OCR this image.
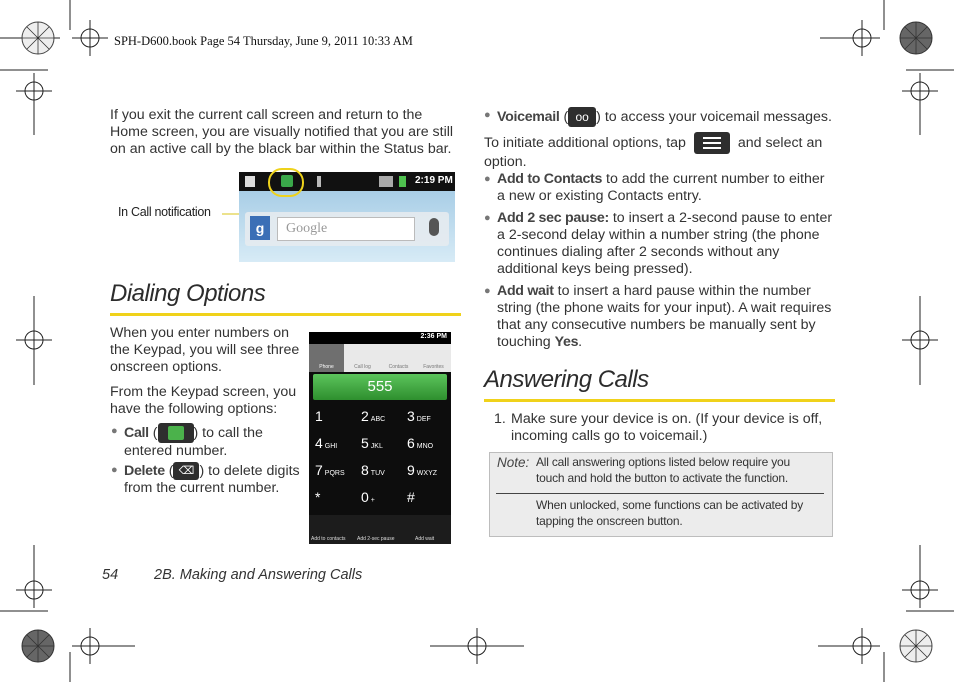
SPH-D600.book Page 54 Thursday, June 9, 2011 10:33 AM
If you exit the current call screen and return to the Home screen, you are visually notified that you are still on an active call by the black bar within the Status bar.
In Call notification
2:19 PM
g	Google
Dialing Options
When you enter numbers on the Keypad, you will see three onscreen options.
From the Keypad screen, you have the following options:
● Call (	) to call the entered number.
● Delete ( ⌫ ) to delete digits from the current number.
2:36 PM
Phone	Call log	Contacts	Favorites
555
1	2 ABC 3 DEF
4 GHI 5 JKL 6 MNO
7 PQRS 8 TUV 9 WXYZ
*	0 + #
Add to contacts Add 2-sec pause	Add wait
● Voicemail ( oo ) to access your voicemail messages.
To initiate additional options, tap	and select an option.
● Add to Contacts to add the current number to either a new or existing Contacts entry.
● Add 2 sec pause: to insert a 2-second pause to enter a 2-second delay within a number string (the phone continues dialing after 2 seconds without any additional keys being pressed).
● Add wait to insert a hard pause within the number string (the phone waits for your input). A wait requires that any consecutive numbers be manually sent by touching Yes.
Answering Calls
1. Make sure your device is on. (If your device is off, incoming calls go to voicemail.)
Note: All call answering options listed below require you touch and hold the button to activate the function.
When unlocked, some functions can be activated by tapping the onscreen button.
54 2B. Making and Answering Calls
